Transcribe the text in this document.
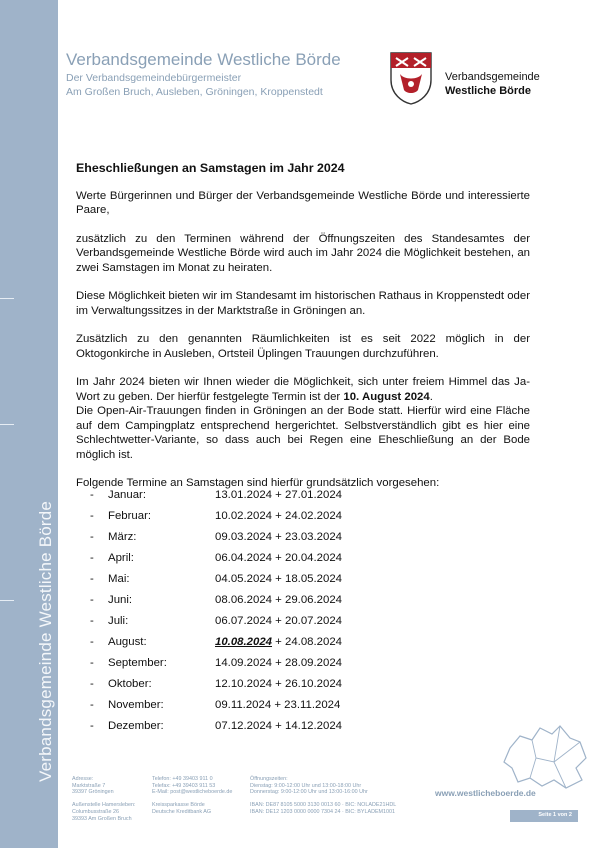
Verbandsgemeinde Westliche Börde
Verbandsgemeinde Westliche Börde
Der Verbandsgemeindebürgermeister
Am Großen Bruch, Ausleben, Gröningen, Kroppenstedt
Verbandsgemeinde
Westliche Börde
Eheschließungen an Samstagen im Jahr 2024

Werte Bürgerinnen und Bürger der Verbandsgemeinde Westliche Börde und interessierte Paare,

zusätzlich zu den Terminen während der Öffnungszeiten des Standesamtes der Verbandsgemeinde Westliche Börde wird auch im Jahr 2024 die Möglichkeit bestehen, an zwei Samstagen im Monat zu heiraten.

Diese Möglichkeit bieten wir im Standesamt im historischen Rathaus in Kroppenstedt oder im Verwaltungssitzes in der Marktstraße in Gröningen an.

Zusätzlich zu den genannten Räumlichkeiten ist es seit 2022 möglich in der Oktogonkirche in Ausleben, Ortsteil Üplingen Trauungen durchzuführen.

Im Jahr 2024 bieten wir Ihnen wieder die Möglichkeit, sich unter freiem Himmel das Ja-Wort zu geben. Der hierfür festgelegte Termin ist der 10. August 2024.

Die Open-Air-Trauungen finden in Gröningen an der Bode statt. Hierfür wird eine Fläche auf dem Campingplatz entsprechend hergerichtet. Selbstverständlich gibt es hier eine Schlechtwetter-Variante, so dass auch bei Regen eine Eheschließung an der Bode möglich ist.

Folgende Termine an Samstagen sind hierfür grundsätzlich vorgesehen:

-	Januar:	13.01.2024 + 27.01.2024
-	Februar:	10.02.2024 + 24.02.2024
-	März:	09.03.2024 + 23.03.2024
-	April:	06.04.2024 + 20.04.2024
-	Mai:	04.05.2024 + 18.05.2024
-	Juni:	08.06.2024 + 29.06.2024
-	Juli:	06.07.2024 + 20.07.2024
-	August:	10.08.2024 + 24.08.2024
-	September:	14.09.2024 + 28.09.2024
-	Oktober:	12.10.2024 + 26.10.2024
-	November:	09.11.2024 + 23.11.2024
-	Dezember:	07.12.2024 + 14.12.2024
Adresse:
Marktstraße 7
39397 Gröningen
Außenstelle Hamersleben:
Columbusstraße 26
39393 Am Großen Bruch
Telefon: +49 39403 911 0
Telefax: +49 39403 911 53
E-Mail: post@westlicheboerde.de
Kreissparkasse Börde
Deutsche Kreditbank AG
Öffnungszeiten:
Dienstag: 9:00-12:00 Uhr und 13:00-18:00 Uhr
Donnerstag: 9:00-12:00 Uhr und 13:00-16:00 Uhr
IBAN: DE87 8105 5000 3130 0013 60 · BIC: NOLADE21HDL
IBAN: DE12 1203 0000 0000 7304 24 · BIC: BYLADEM1001
www.westlicheboerde.de
Seite 1 von 2
